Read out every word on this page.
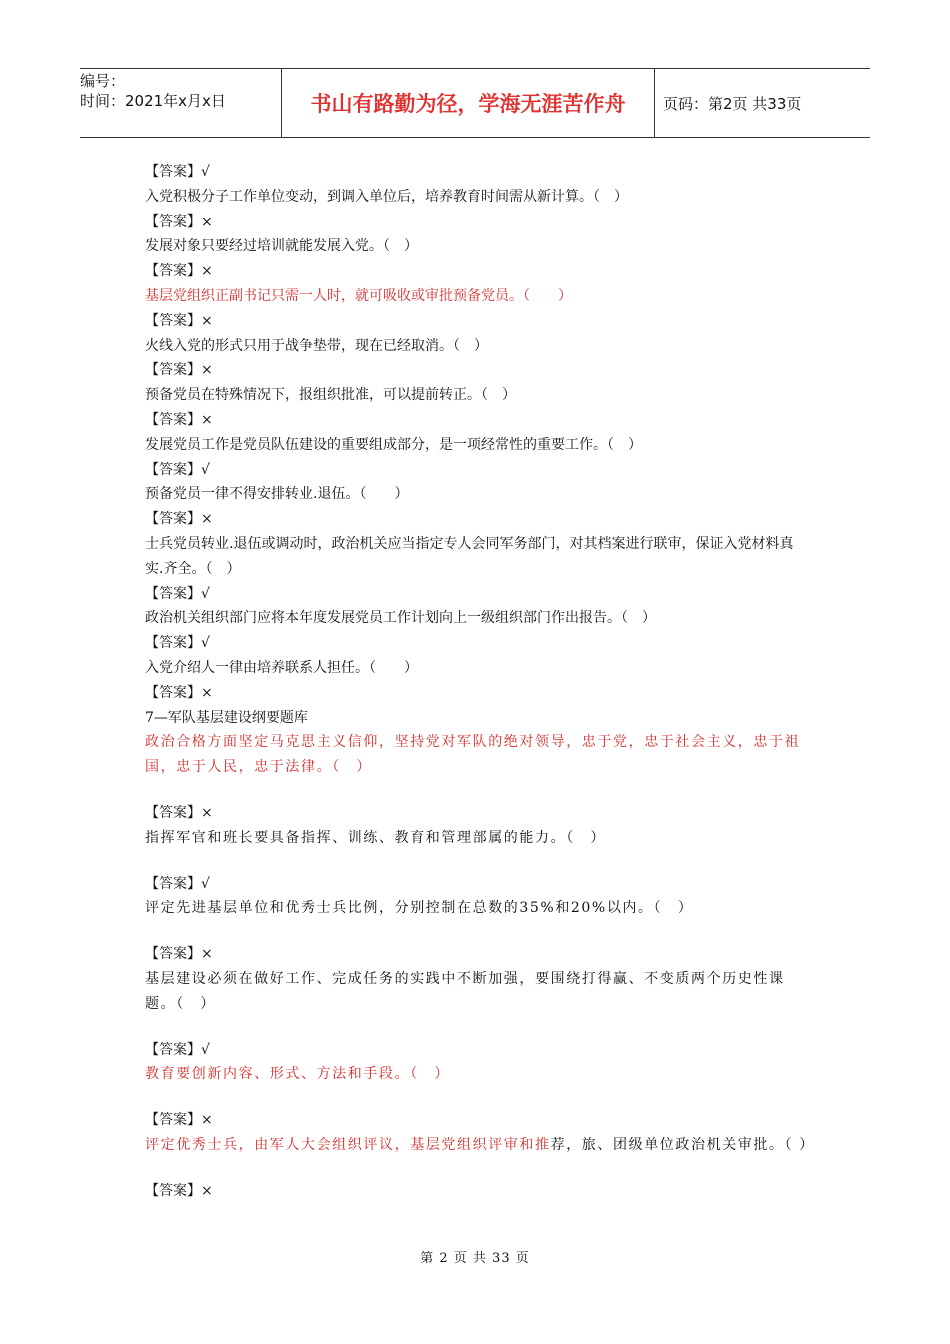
编号：
时间：2021年x月x日	书山有路勤为径，学海无涯苦作舟	页码：第2页 共33页
【答案】√
入党积极分子工作单位变动，到调入单位后，培养教育时间需从新计算。（　）
【答案】×
发展对象只要经过培训就能发展入党。（　）
【答案】×
基层党组织正副书记只需一人时，就可吸收或审批预备党员。（　　）
【答案】×
火线入党的形式只用于战争垫带，现在已经取消。（　）
【答案】×
预备党员在特殊情况下，报组织批准，可以提前转正。（　）
【答案】×
发展党员工作是党员队伍建设的重要组成部分，是一项经常性的重要工作。（　）
【答案】√
预备党员一律不得安排转业.退伍。（　　）
【答案】×
士兵党员转业.退伍或调动时，政治机关应当指定专人会同军务部门，对其档案进行联审，保证入党材料真实.齐全。（　）
【答案】√
政治机关组织部门应将本年度发展党员工作计划向上一级组织部门作出报告。（　）
【答案】√
入党介绍人一律由培养联系人担任。（　　）
【答案】×
7—军队基层建设纲要题库
政治合格方面坚定马克思主义信仰，坚持党对军队的绝对领导，忠于党，忠于社会主义，忠于祖国，忠于人民，忠于法律。（　）
【答案】×
指挥军官和班长要具备指挥、训练、教育和管理部属的能力。（　）
【答案】√
评定先进基层单位和优秀士兵比例，分别控制在总数的35%和20%以内。（　）
【答案】×
基层建设必须在做好工作、完成任务的实践中不断加强，要围绕打得赢、不变质两个历史性课题。（　）
【答案】√
教育要创新内容、形式、方法和手段。（　）
【答案】×
评定优秀士兵，由军人大会组织评议，基层党组织评审和推荐，旅、团级单位政治机关审批。（ ）
【答案】×
第 2 页 共 33 页
